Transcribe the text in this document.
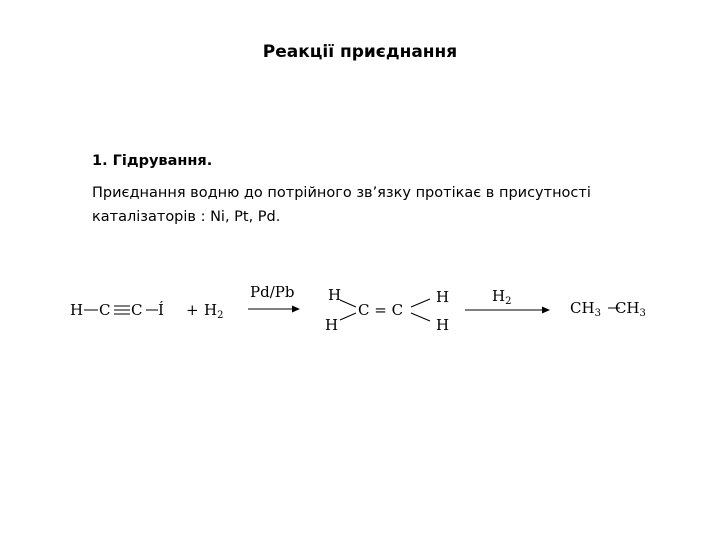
Реакції приєднання
1. Гідрування.
Приєднання водню до потрійного зв’язку протікає в присутності каталізаторів : Ni, Pt, Pd.
H C C Í + $H_2$
Pd/Pb H
H
C = C
H
H
$H_2$	$CH_3$ $CH_3$
